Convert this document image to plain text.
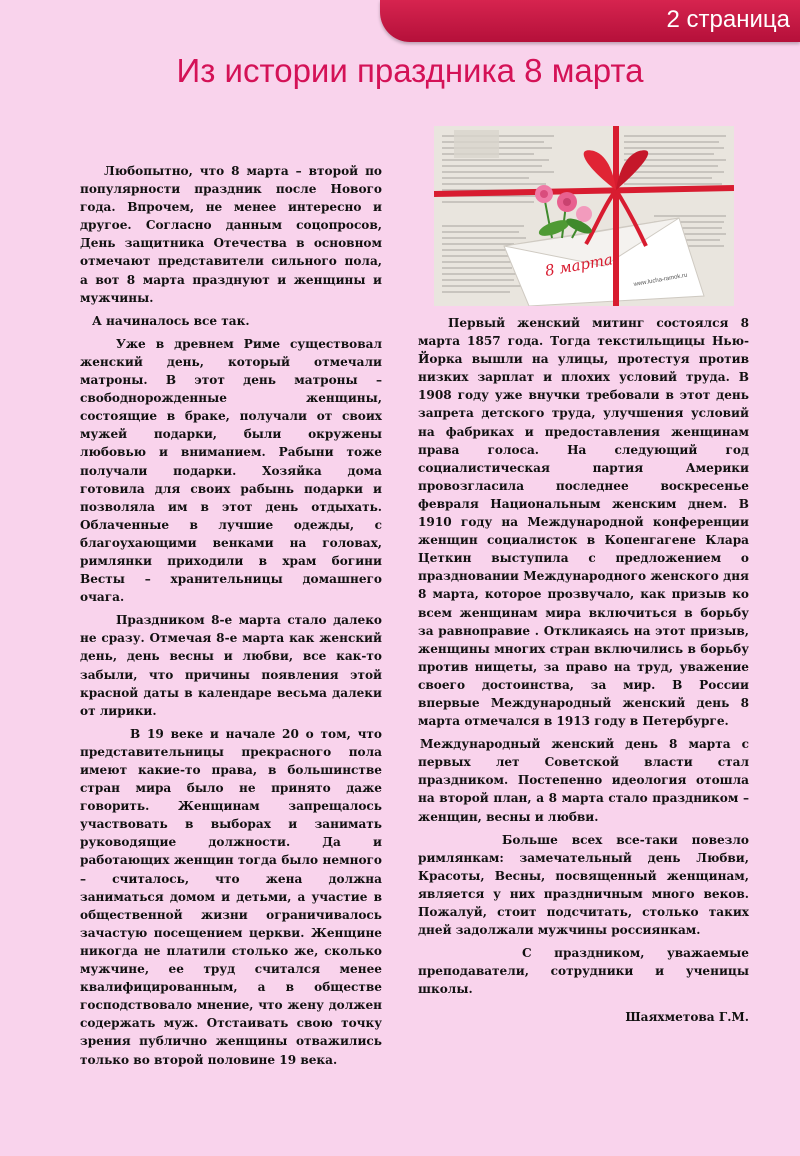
2 страница
Из истории праздника 8 марта
8 марта
www.lucha-ramok.ru

Любопытно, что 8 марта – второй по популярности праздник после Нового года. Впрочем, не менее интересно и другое. Согласно данным соцопросов, День защитника Отечества в основном отмечают представители сильного пола, а вот 8 марта празднуют и женщины и мужчины.

А начиналось все так.

Уже в древнем Риме существовал женский день, который отмечали матроны. В этот день матроны – свободнорожденные женщины, состоящие в браке, получали от своих мужей подарки, были окружены любовью и вниманием. Рабыни тоже получали подарки. Хозяйка дома готовила для своих рабынь подарки и позволяла им в этот день отдыхать. Облаченные в лучшие одежды, с благоухающими венками на головах, римлянки приходили в храм богини Весты – хранительницы домашнего очага.

Праздником 8-е марта стало далеко не сразу. Отмечая 8-е марта как женский день, день весны и любви, все как-то забыли, что причины появления этой красной даты в календаре весьма далеки от лирики.

В 19 веке и начале 20 о том, что представительницы прекрасного пола имеют какие-то права, в большинстве стран мира было не принято даже говорить. Женщинам запрещалось участвовать в выборах и занимать руководящие должности. Да и работающих женщин тогда было немного – считалось, что жена должна заниматься домом и детьми, а участие в общественной жизни ограничивалось зачастую посещением церкви. Женщине никогда не платили столько же, сколько мужчине, ее труд считался менее квалифицированным, а в обществе господствовало мнение, что жену должен содержать муж. Отстаивать свою точку зрения публично женщины отважились только во второй половине 19 века.

Первый женский митинг состоялся 8 марта 1857 года. Тогда текстильщицы Нью-Йорка вышли на улицы, протестуя против низких зарплат и плохих условий труда. В 1908 году уже внучки требовали в этот день запрета детского труда, улучшения условий на фабриках и предоставления женщинам права голоса. На следующий год социалистическая партия Америки провозгласила последнее воскресенье февраля Национальным женским днем. В 1910 году на Международной конференции женщин социалисток в Копенгагене Клара Цеткин выступила с предложением о праздновании Международного женского дня 8 марта, которое прозвучало, как призыв ко всем женщинам мира включиться в борьбу за равноправие . Откликаясь на этот призыв, женщины многих стран включились в борьбу против нищеты, за право на труд, уважение своего достоинства, за мир. В России впервые Международный женский день 8 марта отмечался в 1913 году в Петербурге.

Международный женский день 8 марта с первых лет Советской власти стал праздником. Постепенно идеология отошла на второй план, а 8 марта стало праздником – женщин, весны и любви.

Больше всех все-таки повезло римлянкам: замечательный день Любви, Красоты, Весны, посвященный женщинам, является у них праздничным много веков. Пожалуй, стоит подсчитать, столько таких дней задолжали мужчины россиянкам.

С праздником, уважаемые преподаватели, сотрудники и ученицы школы.

Шаяхметова Г.М.
